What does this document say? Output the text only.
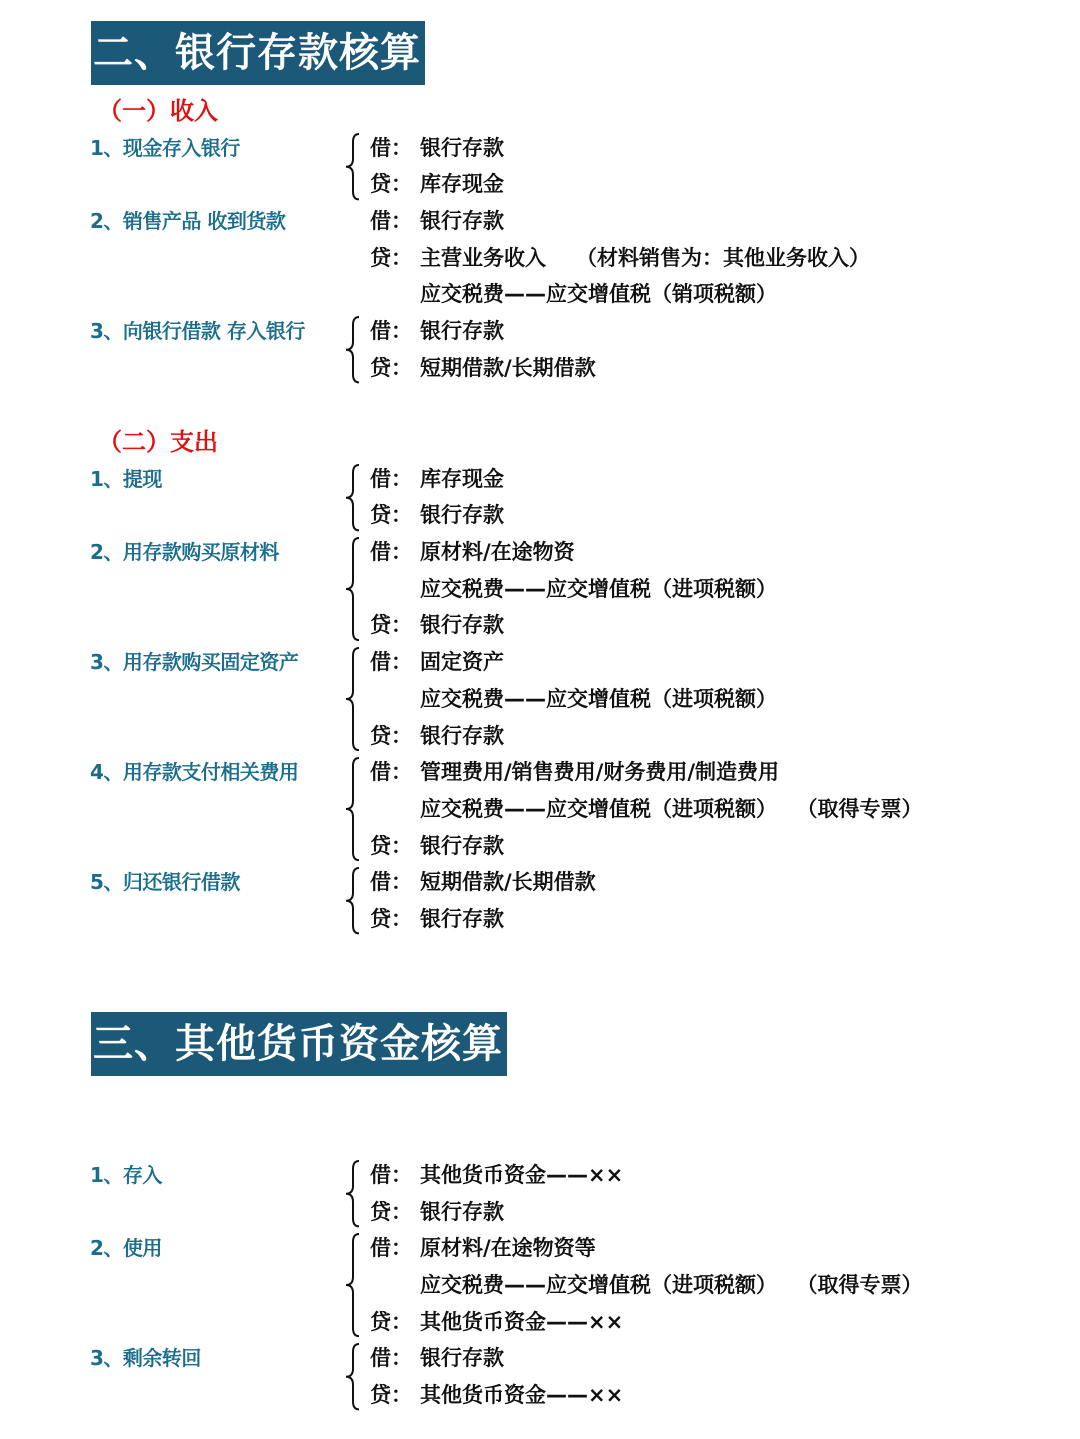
二、银行存款核算
三、其他货币资金核算
（一）收入
1、现金存入银行	借： 银行存款
贷： 库存现金
2、销售产品 收到货款	借： 银行存款
贷： 主营业务收入 （材料销售为：其他业务收入）
应交税费——应交增值税（销项税额）
3、向银行借款 存入银行	借： 银行存款
贷： 短期借款/长期借款
（二）支出
1、提现	借： 库存现金
贷： 银行存款
2、用存款购买原材料	借： 原材料/在途物资
应交税费——应交增值税（进项税额）
贷： 银行存款
3、用存款购买固定资产	借： 固定资产
应交税费——应交增值税（进项税额）
贷： 银行存款
4、用存款支付相关费用	借： 管理费用/销售费用/财务费用/制造费用
应交税费——应交增值税（进项税额） （取得专票）
贷： 银行存款
5、归还银行借款	借： 短期借款/长期借款
贷： 银行存款
1、存入	借： 其他货币资金——××
贷： 银行存款
2、使用	借： 原材料/在途物资等
应交税费——应交增值税（进项税额） （取得专票）
贷： 其他货币资金——××
3、剩余转回	借： 银行存款
贷： 其他货币资金——××
